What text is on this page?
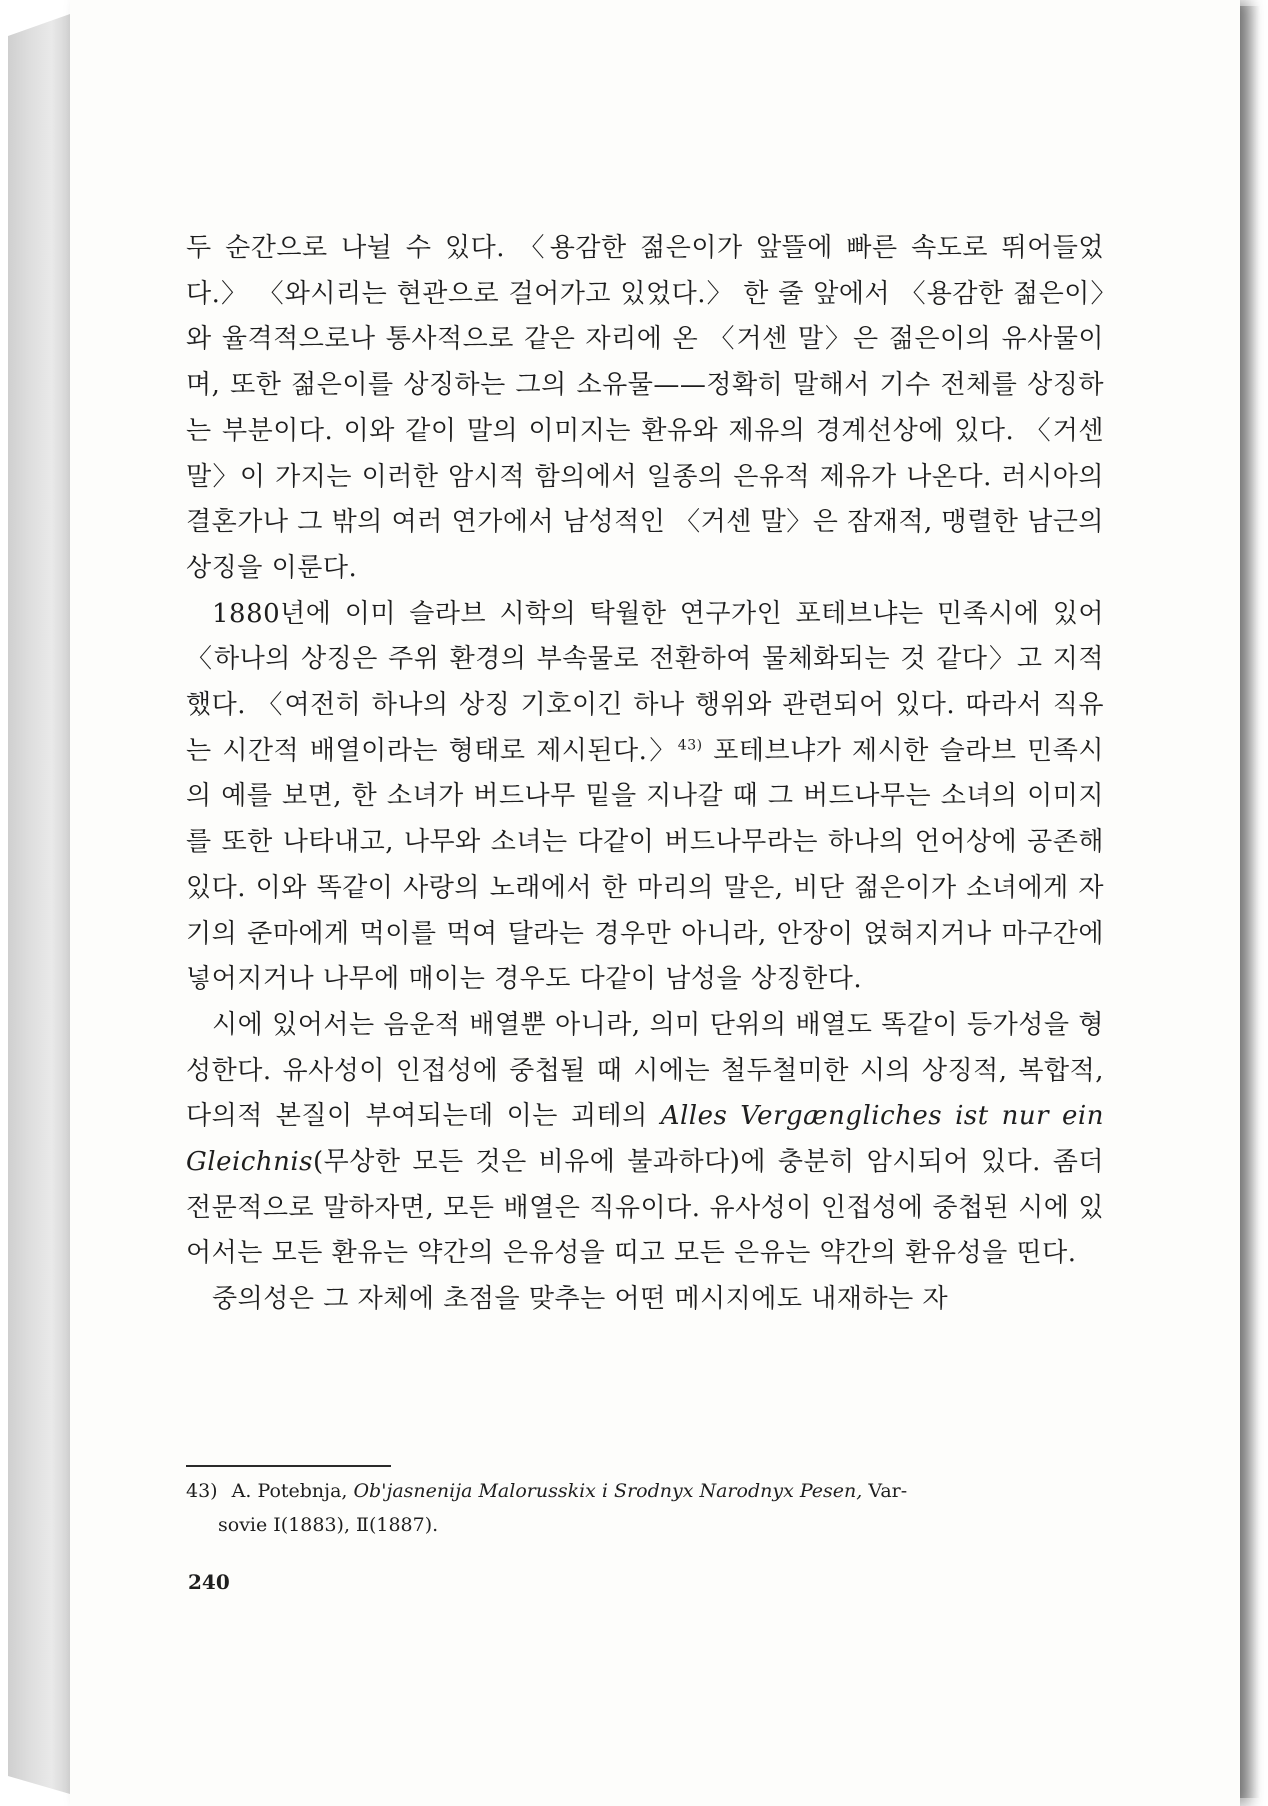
두 순간으로 나뉠 수 있다. 〈용감한 젊은이가 앞뜰에 빠른 속도로 뛰어들었다.〉 〈와시리는 현관으로 걸어가고 있었다.〉 한 줄 앞에서 〈용감한 젊은이〉와 율격적으로나 통사적으로 같은 자리에 온 〈거센 말〉은 젊은이의 유사물이며, 또한 젊은이를 상징하는 그의 소유물——정확히 말해서 기수 전체를 상징하는 부분이다. 이와 같이 말의 이미지는 환유와 제유의 경계선상에 있다. 〈거센 말〉이 가지는 이러한 암시적 함의에서 일종의 은유적 제유가 나온다. 러시아의 결혼가나 그 밖의 여러 연가에서 남성적인 〈거센 말〉은 잠재적, 맹렬한 남근의 상징을 이룬다.

1880년에 이미 슬라브 시학의 탁월한 연구가인 포테브냐는 민족시에 있어 〈하나의 상징은 주위 환경의 부속물로 전환하여 물체화되는 것 같다〉고 지적했다. 〈여전히 하나의 상징 기호이긴 하나 행위와 관련되어 있다. 따라서 직유는 시간적 배열이라는 형태로 제시된다.〉$^{43)}$ 포테브냐가 제시한 슬라브 민족시의 예를 보면, 한 소녀가 버드나무 밑을 지나갈 때 그 버드나무는 소녀의 이미지를 또한 나타내고, 나무와 소녀는 다같이 버드나무라는 하나의 언어상에 공존해 있다. 이와 똑같이 사랑의 노래에서 한 마리의 말은, 비단 젊은이가 소녀에게 자기의 준마에게 먹이를 먹여 달라는 경우만 아니라, 안장이 얹혀지거나 마구간에 넣어지거나 나무에 매이는 경우도 다같이 남성을 상징한다.

시에 있어서는 음운적 배열뿐 아니라, 의미 단위의 배열도 똑같이 등가성을 형성한다. 유사성이 인접성에 중첩될 때 시에는 철두철미한 시의 상징적, 복합적, 다의적 본질이 부여되는데 이는 괴테의 Alles Vergængliches ist nur ein Gleichnis(무상한 모든 것은 비유에 불과하다)에 충분히 암시되어 있다. 좀더 전문적으로 말하자면, 모든 배열은 직유이다. 유사성이 인접성에 중첩된 시에 있어서는 모든 환유는 약간의 은유성을 띠고 모든 은유는 약간의 환유성을 띤다.

중의성은 그 자체에 초점을 맞추는 어떤 메시지에도 내재하는 자

43) A. Potebnja, Ob'jasnenija Malorusskix i Srodnyx Narodnyx Pesen, Var-
sovie Ⅰ(1883), Ⅱ(1887).
240
